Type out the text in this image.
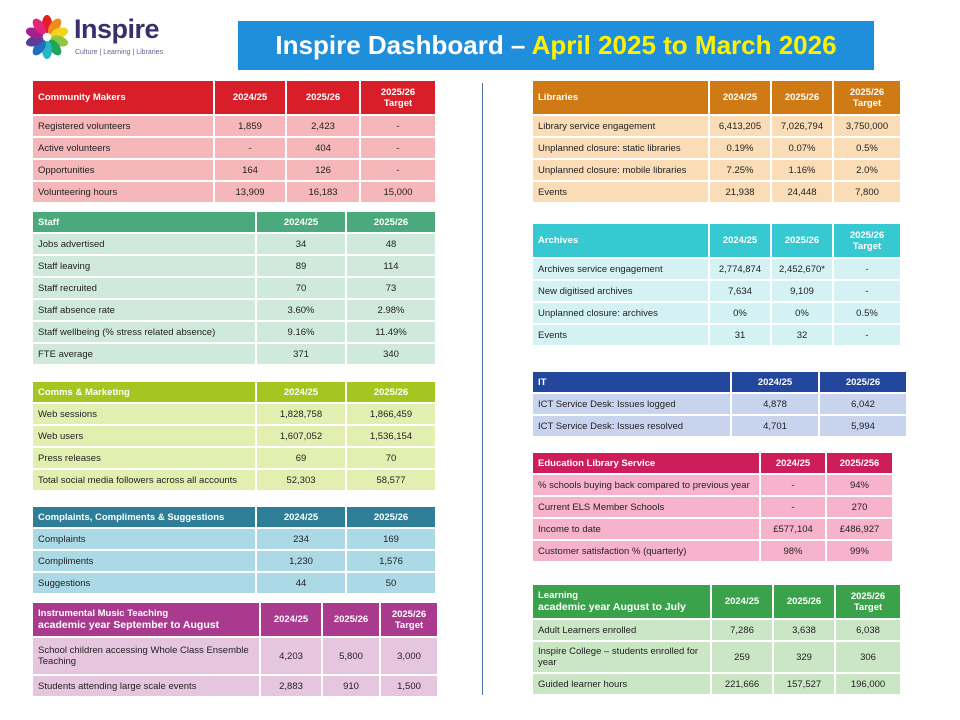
Inspire
Culture | Learning | Libraries	Inspire Dashboard – April 2025 to March 2026
Community Makers	2024/25	2025/26	2025/26
Target
Registered volunteers	1,859	2,423	-
Active volunteers	-	404	-
Opportunities	164	126	-
Volunteering hours	13,909	16,183	15,000
Staff	2024/25	2025/26
Jobs advertised	34	48
Staff leaving	89	114
Staff recruited	70	73
Staff absence rate	3.60%	2.98%
Staff wellbeing (% stress related absence)	9.16%	11.49%
FTE average	371	340
Comms & Marketing	2024/25	2025/26
Web sessions	1,828,758	1,866,459
Web users	1,607,052	1,536,154
Press releases	69	70
Total social media followers across all accounts	52,303	58,577
Complaints, Compliments & Suggestions	2024/25	2025/26
Complaints	234	169
Compliments	1,230	1,576
Suggestions	44	50
Instrumental Music Teaching
academic year September to August	2024/25	2025/26	2025/26
Target
School children accessing Whole Class Ensemble Teaching	4,203	5,800	3,000
Students attending large scale events	2,883	910	1,500
Libraries	2024/25	2025/26	2025/26
Target
Library service engagement	6,413,205	7,026,794	3,750,000
Unplanned closure: static libraries	0.19%	0.07%	0.5%
Unplanned closure: mobile libraries	7.25%	1.16%	2.0%
Events	21,938	24,448	7,800
Archives	2024/25	2025/26	2025/26
Target
Archives service engagement	2,774,874	2,452,670*	-
New digitised archives	7,634	9,109	-
Unplanned closure: archives	0%	0%	0.5%
Events	31	32	-
IT	2024/25	2025/26
ICT Service Desk: Issues logged	4,878	6,042
ICT Service Desk: Issues resolved	4,701	5,994
Education Library Service	2024/25	2025/256
% schools buying back compared to previous year	-	94%
Current ELS Member Schools	-	270
Income to date	£577,104	£486,927
Customer satisfaction % (quarterly)	98%	99%
Learning
academic year August to July	2024/25	2025/26	2025/26
Target
Adult Learners enrolled	7,286	3,638	6,038
Inspire College – students enrolled for year	259	329	306
Guided learner hours	221,666	157,527	196,000
